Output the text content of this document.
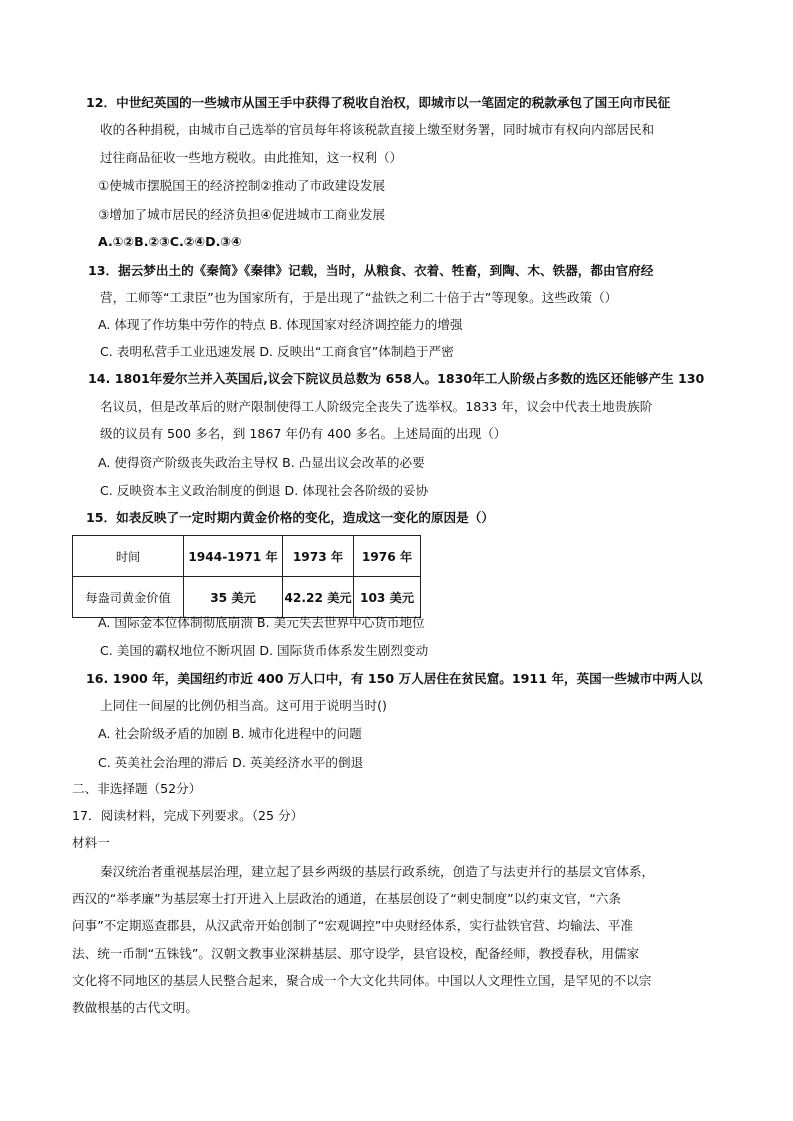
12．中世纪英国的一些城市从国王手中获得了税收自治权，即城市以一笔固定的税款承包了国王向市民征

收的各种捐税，由城市自己选举的官员每年将该税款直接上缴至财务署，同时城市有权向内部居民和

过往商品征收一些地方税收。由此推知，这一权利（）

①使城市摆脱国王的经济控制②推动了市政建设发展

③增加了城市居民的经济负担④促进城市工商业发展

A.①②B.②③C.②④D.③④

13．据云梦出土的《秦简》《秦律》记载，当时，从粮食、衣着、牲畜，到陶、木、铁器，都由官府经

营，工师等“工隶臣”也为国家所有，于是出现了“盐铁之利二十倍于古”等现象。这些政策（）

A. 体现了作坊集中劳作的特点 B. 体现国家对经济调控能力的增强

C. 表明私营手工业迅速发展 D. 反映出“工商食官”体制趋于严密

14. 1801年爱尔兰并入英国后,议会下院议员总数为 658人。1830年工人阶级占多数的选区还能够产生 130

名议员，但是改革后的财产限制使得工人阶级完全丧失了选举权。1833 年，议会中代表土地贵族阶

级的议员有 500 多名，到 1867 年仍有 400 多名。上述局面的出现（）

A. 使得资产阶级丧失政治主导权 B. 凸显出议会改革的必要

C. 反映资本主义政治制度的倒退 D. 体现社会各阶级的妥协

15．如表反映了一定时期内黄金价格的变化，造成这一变化的原因是（）

时间	1944-1971 年	1973 年	1976 年
每盎司黄金价值	35 美元	42.22 美元	103 美元

A. 国际金本位体制彻底崩溃 B. 美元失去世界中心货币地位

C. 美国的霸权地位不断巩固 D. 国际货币体系发生剧烈变动

16. 1900 年，美国纽约市近 400 万人口中，有 150 万人居住在贫民窟。1911 年，英国一些城市中两人以

上同住一间屋的比例仍相当高。这可用于说明当时()

A. 社会阶级矛盾的加剧 B. 城市化进程中的问题

C. 英美社会治理的滞后 D. 英美经济水平的倒退

二、非选择题（52分）

17．阅读材料，完成下列要求。（25 分）

材料一

秦汉统治者重视基层治理，建立起了县乡两级的基层行政系统，创造了与法吏并行的基层文官体系，

西汉的“举孝廉”为基层寒士打开进入上层政治的通道，在基层创设了“刺史制度”以约束文官，“六条

问事”不定期巡查郡县，从汉武帝开始创制了“宏观调控”中央财经体系，实行盐铁官营、均输法、平准

法、统一币制“五铢钱”。汉朝文教事业深耕基层、那守设学，县官设校，配备经师，教授春秋，用儒家

文化将不同地区的基层人民整合起来，聚合成一个大文化共同体。中国以人文理性立国，是罕见的不以宗

教做根基的古代文明。
